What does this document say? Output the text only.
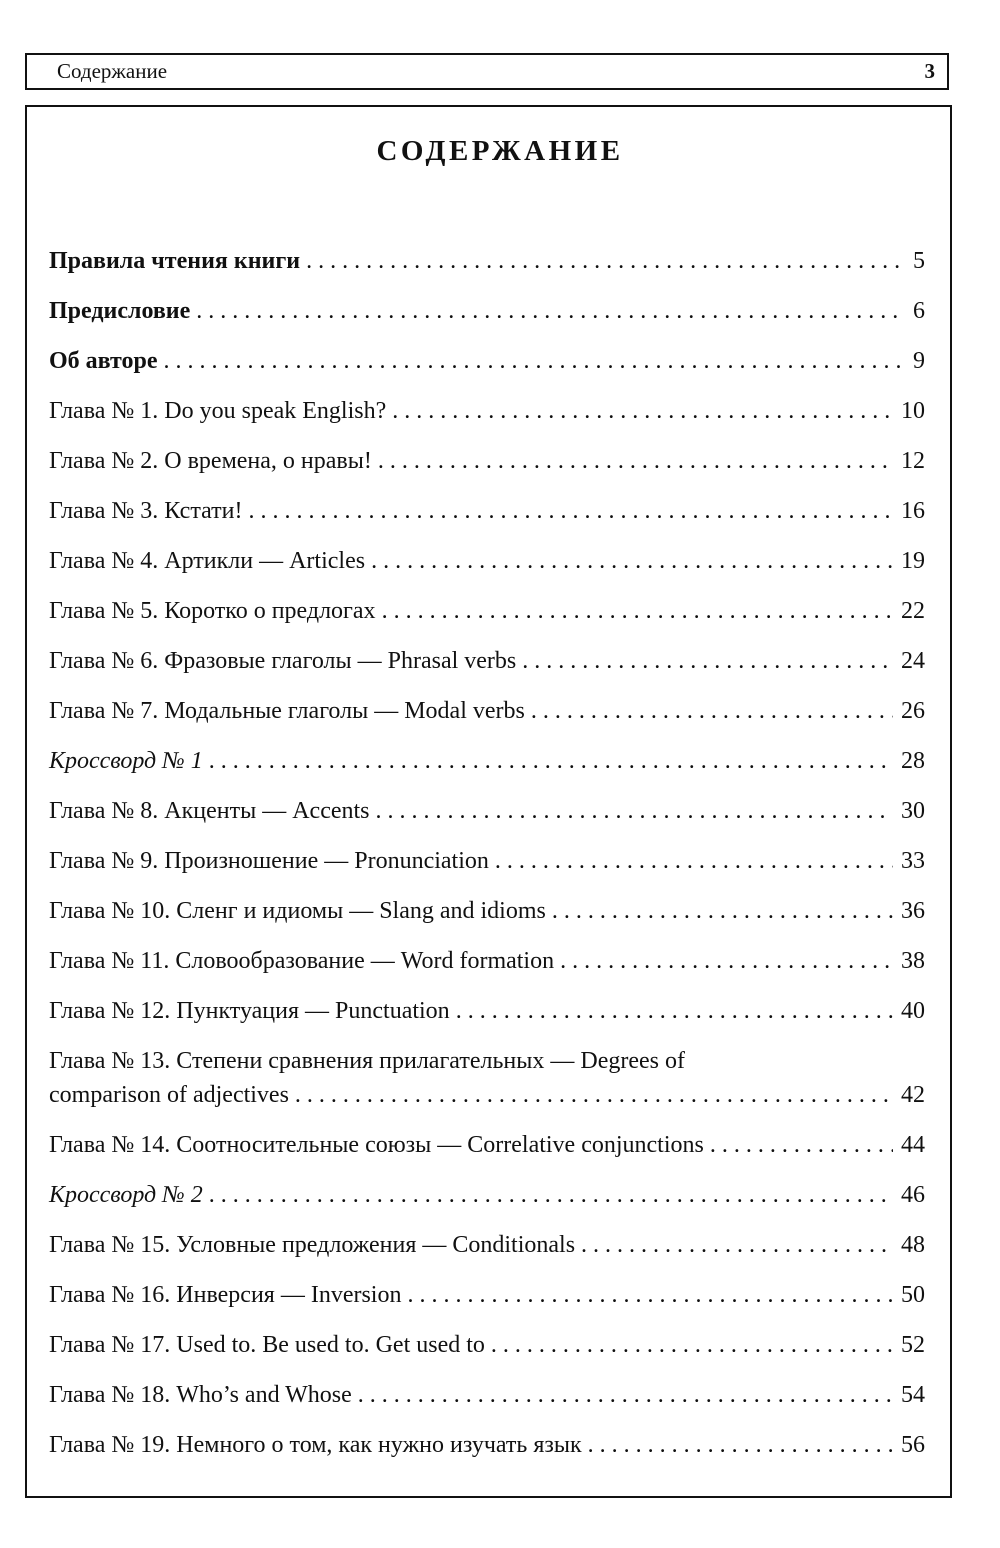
Содержание	3
СОДЕРЖАНИЕ
Правила чтения книги . . .	5
Предисловие . . .	6
Об авторе . . .	9
Глава № 1. Do you speak English? . . .	10
Глава № 2. О времена, о нравы! . . .	12
Глава № 3. Кстати! . . .	16
Глава № 4. Артикли — Articles . . .	19
Глава № 5. Коротко о предлогах . . .	22
Глава № 6. Фразовые глаголы — Phrasal verbs . . .	24
Глава № 7. Модальные глаголы — Modal verbs . . .	26
Кроссворд № 1 . . .	28
Глава № 8. Акценты — Accents . . .	30
Глава № 9. Произношение — Pronunciation . . .	33
Глава № 10. Сленг и идиомы — Slang and idioms . . .	36
Глава № 11. Словообразование — Word formation . . .	38
Глава № 12. Пунктуация — Punctuation . . .	40
Глава № 13. Степени сравнения прилагательных — Degrees of
comparison of adjectives . . .	42
Глава № 14. Соотносительные союзы — Correlative conjunctions . . .	44
Кроссворд № 2 . . .	46
Глава № 15. Условные предложения — Conditionals . . .	48
Глава № 16. Инверсия — Inversion . . .	50
Глава № 17. Used to. Be used to. Get used to . . .	52
Глава № 18. Who’s and Whose . . .	54
Глава № 19. Немного о том, как нужно изучать язык . . .	56
